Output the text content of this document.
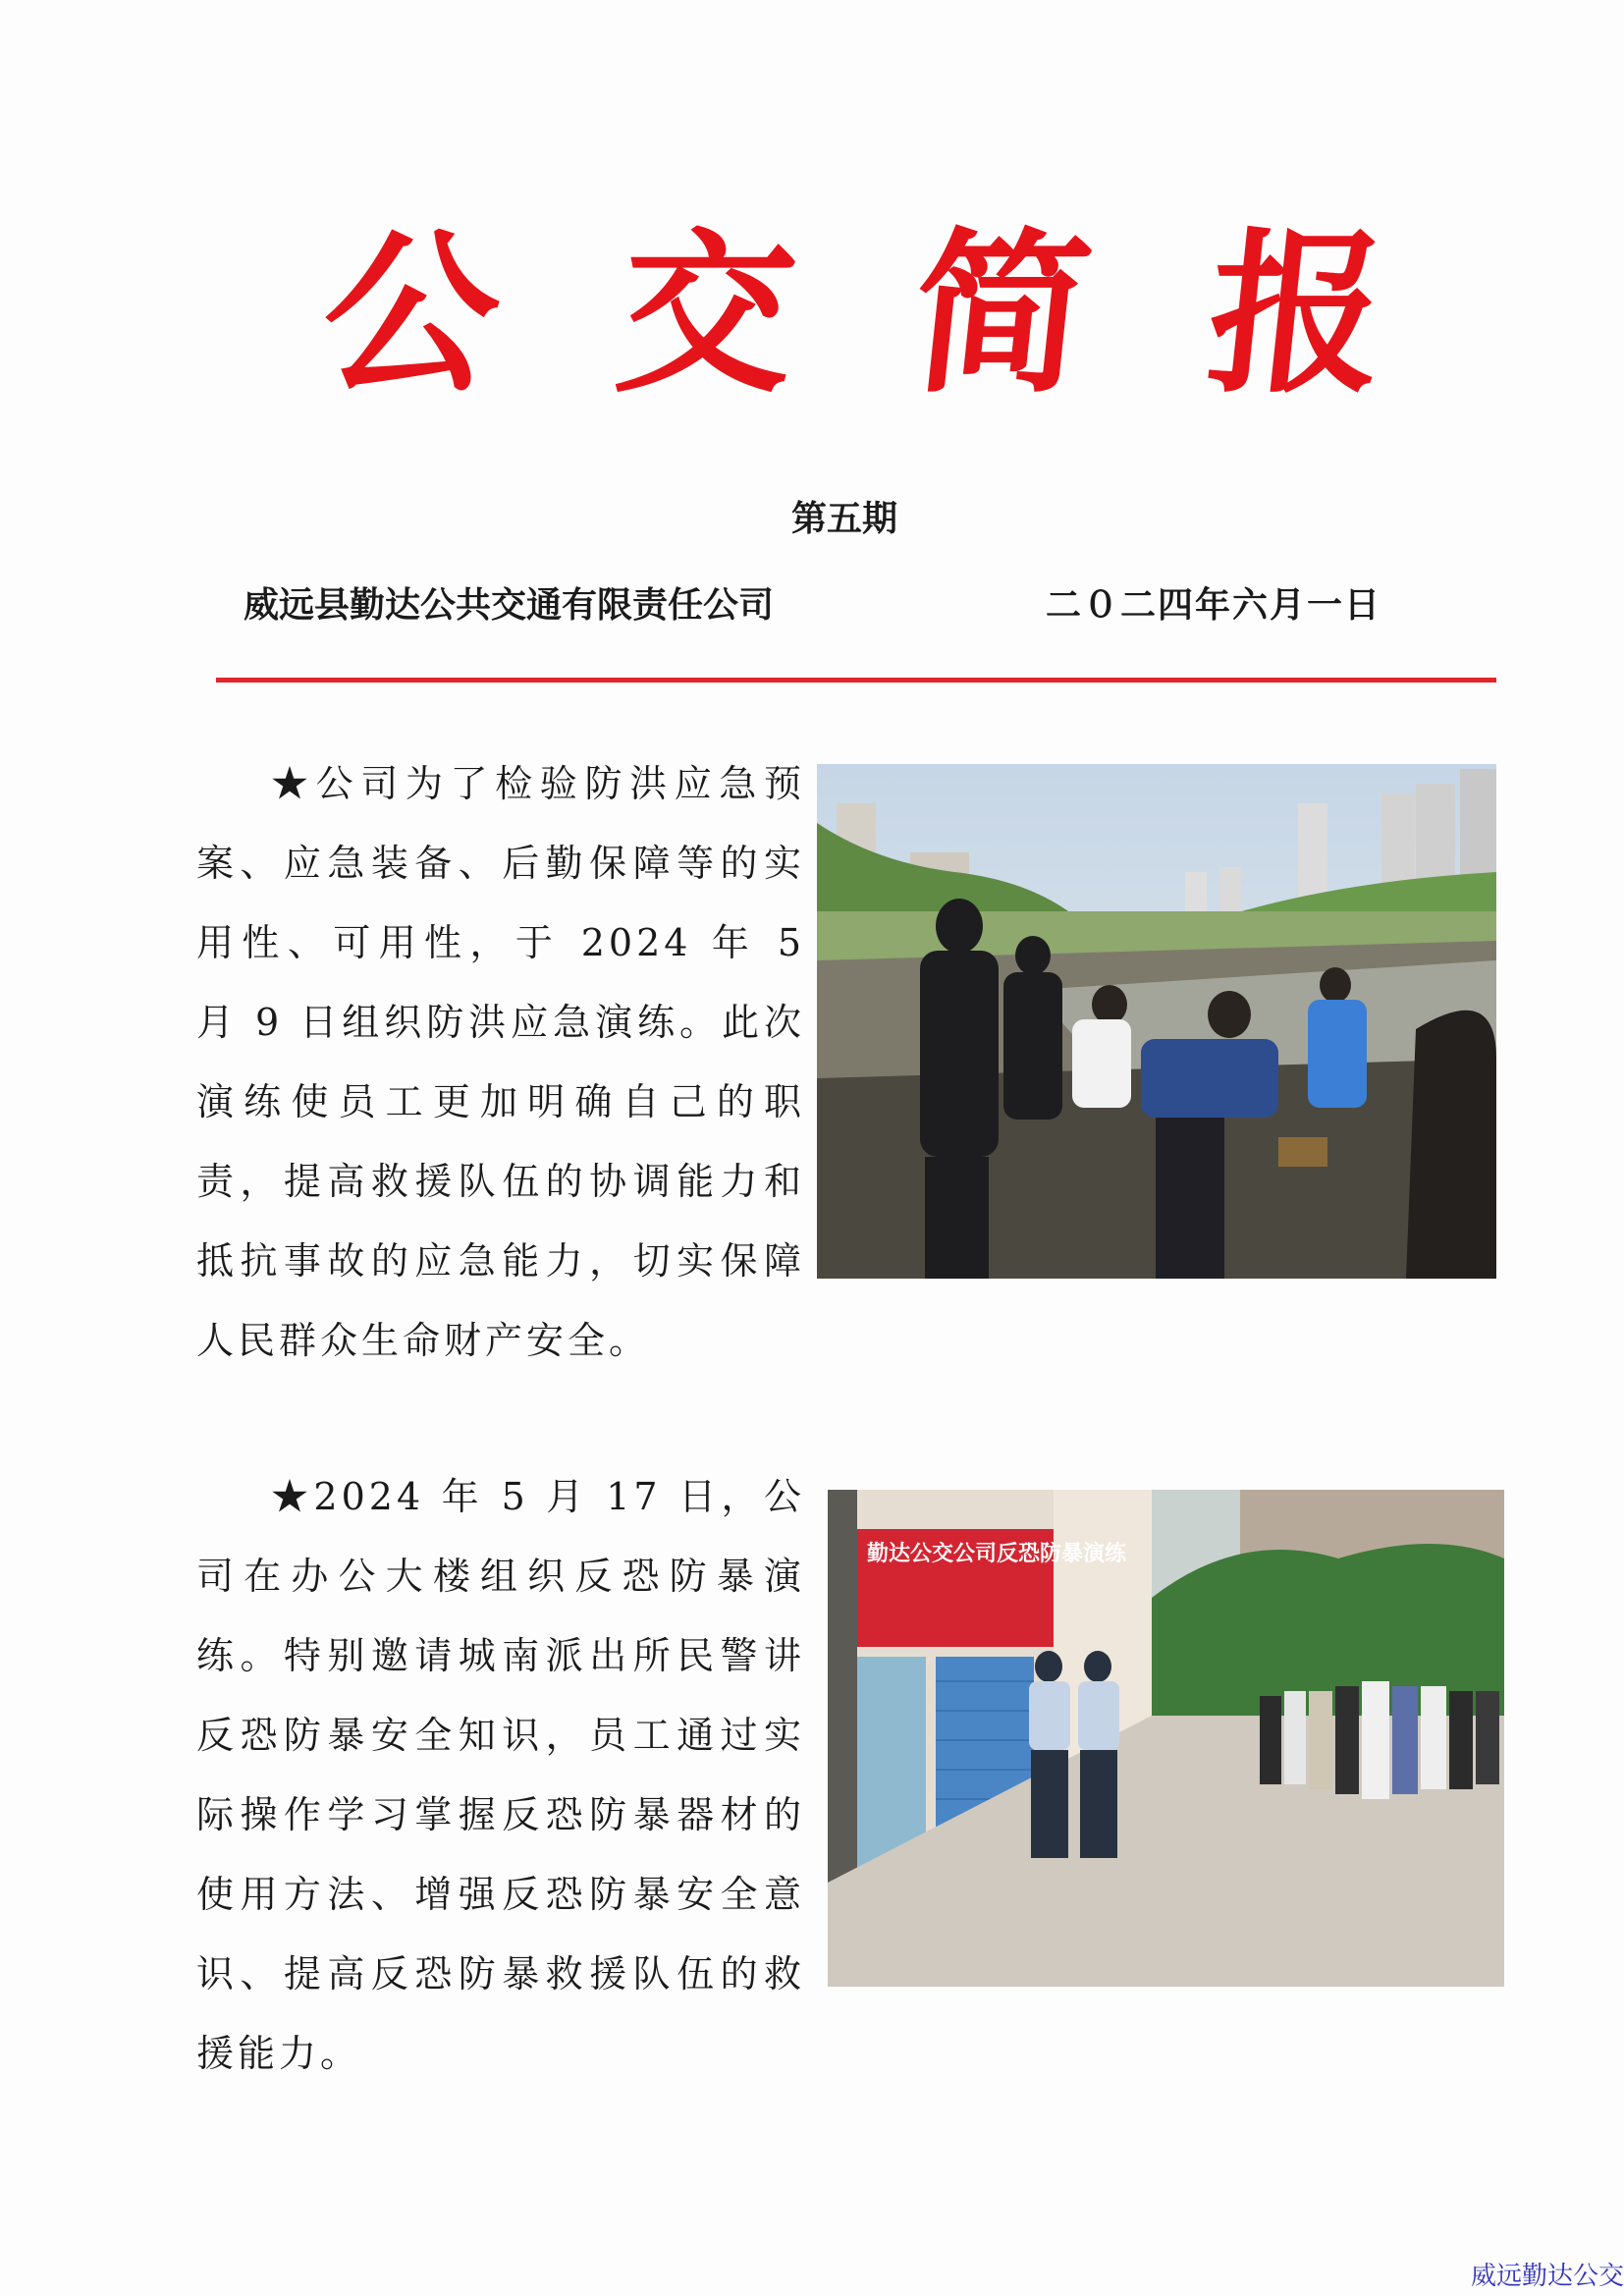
公 交 简 报
第五期
威远县勤达公共交通有限责任公司	二０二四年六月一日

★公司为了检验防洪应急预案、应急装备、后勤保障等的实用性、可用性，于 2024 年 5 月 9 日组织防洪应急演练。此次演练使员工更加明确自己的职责，提高救援队伍的协调能力和抵抗事故的应急能力，切实保障人民群众生命财产安全。

★2024 年 5 月 17 日，公司在办公大楼组织反恐防暴演练。特别邀请城南派出所民警讲反恐防暴安全知识，员工通过实际操作学习掌握反恐防暴器材的使用方法、增强反恐防暴安全意识、提高反恐防暴救援队伍的救援能力。

勤达公交公司反恐防暴演练
威远勤达公交
